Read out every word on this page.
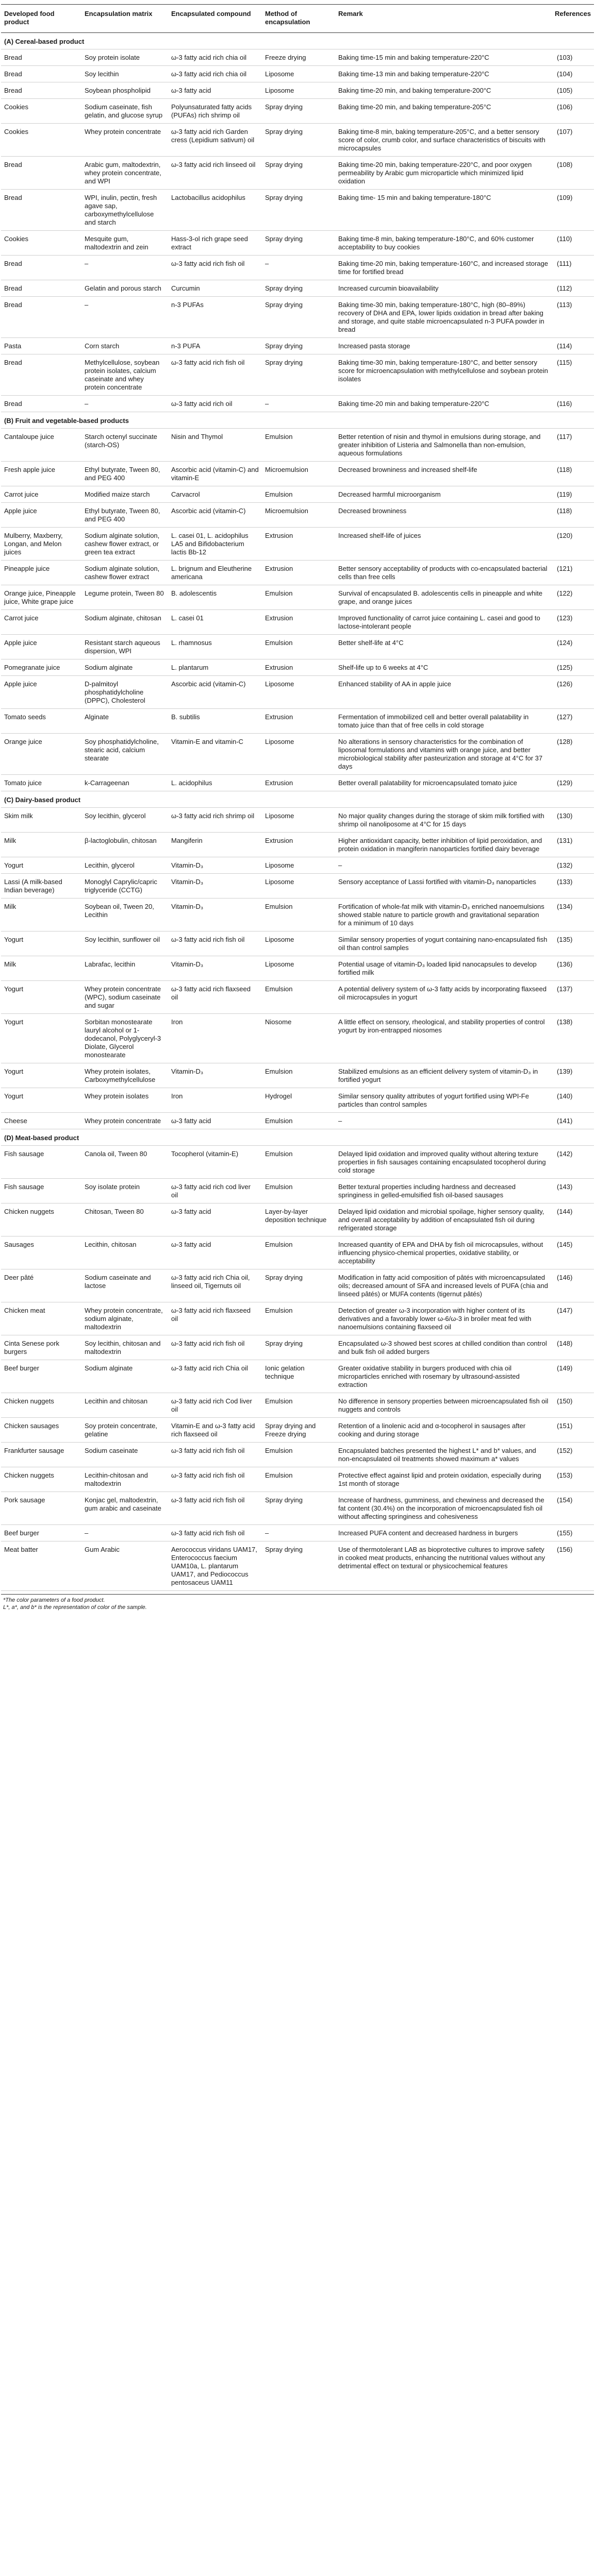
Developed food product	Encapsulation matrix	Encapsulated compound	Method of encapsulation	Remark	References
(A) Cereal-based product					
Bread	Soy protein isolate	ω-3 fatty acid rich chia oil	Freeze drying	Baking time-15 min and baking temperature-220°C	(103)
Bread	Soy lecithin	ω-3 fatty acid rich chia oil	Liposome	Baking time-13 min and baking temperature-220°C	(104)
Bread	Soybean phospholipid	ω-3 fatty acid	Liposome	Baking time-20 min, and baking temperature-200°C	(105)
Cookies	Sodium caseinate, fish gelatin, and glucose syrup	Polyunsaturated fatty acids (PUFAs) rich shrimp oil	Spray drying	Baking time-20 min, and baking temperature-205°C	(106)
Cookies	Whey protein concentrate	ω-3 fatty acid rich Garden cress (Lepidium sativum) oil	Spray drying	Baking time-8 min, baking temperature-205°C, and a better sensory score of color, crumb color, and surface characteristics of biscuits with microcapsules	(107)
Bread	Arabic gum, maltodextrin, whey protein concentrate, and WPI	ω-3 fatty acid rich linseed oil	Spray drying	Baking time-20 min, baking temperature-220°C, and poor oxygen permeability by Arabic gum microparticle which minimized lipid oxidation	(108)
Bread	WPI, inulin, pectin, fresh agave sap, carboxymethylcellulose and starch	Lactobacillus acidophilus	Spray drying	Baking time- 15 min and baking temperature-180°C	(109)
Cookies	Mesquite gum, maltodextrin and zein	Hass-3-ol rich grape seed extract	Spray drying	Baking time-8 min, baking temperature-180°C, and 60% customer acceptability to buy cookies	(110)
Bread	–	ω-3 fatty acid rich fish oil	–	Baking time-20 min, baking temperature-160°C, and increased storage time for fortified bread	(111)
Bread	Gelatin and porous starch	Curcumin	Spray drying	Increased curcumin bioavailability	(112)
Bread	–	n-3 PUFAs	Spray drying	Baking time-30 min, baking temperature-180°C, high (80–89%) recovery of DHA and EPA, lower lipids oxidation in bread after baking and storage, and quite stable microencapsulated n-3 PUFA powder in bread	(113)
Pasta	Corn starch	n-3 PUFA	Spray drying	Increased pasta storage	(114)
Bread	Methylcellulose, soybean protein isolates, calcium caseinate and whey protein concentrate	ω-3 fatty acid rich fish oil	Spray drying	Baking time-30 min, baking temperature-180°C, and better sensory score for microencapsulation with methylcellulose and soybean protein isolates	(115)
Bread	–	ω-3 fatty acid rich oil	–	Baking time-20 min and baking temperature-220°C	(116)
(B) Fruit and vegetable-based products					
Cantaloupe juice	Starch octenyl succinate (starch-OS)	Nisin and Thymol	Emulsion	Better retention of nisin and thymol in emulsions during storage, and greater inhibition of Listeria and Salmonella than non-emulsion, aqueous formulations	(117)
Fresh apple juice	Ethyl butyrate, Tween 80, and PEG 400	Ascorbic acid (vitamin-C) and vitamin-E	Microemulsion	Decreased browniness and increased shelf-life	(118)
Carrot juice	Modified maize starch	Carvacrol	Emulsion	Decreased harmful microorganism	(119)
Apple juice	Ethyl butyrate, Tween 80, and PEG 400	Ascorbic acid (vitamin-C)	Microemulsion	Decreased browniness	(118)
Mulberry, Maxberry, Longan, and Melon juices	Sodium alginate solution, cashew flower extract, or green tea extract	L. casei 01, L. acidophilus LA5 and Bifidobacterium lactis Bb-12	Extrusion	Increased shelf-life of juices	(120)
Pineapple juice	Sodium alginate solution, cashew flower extract	L. brignum and Eleutherine americana	Extrusion	Better sensory acceptability of products with co-encapsulated bacterial cells than free cells	(121)
Orange juice, Pineapple juice, White grape juice	Legume protein, Tween 80	B. adolescentis	Emulsion	Survival of encapsulated B. adolescentis cells in pineapple and white grape, and orange juices	(122)
Carrot juice	Sodium alginate, chitosan	L. casei 01	Extrusion	Improved functionality of carrot juice containing L. casei and good to lactose-intolerant people	(123)
Apple juice	Resistant starch aqueous dispersion, WPI	L. rhamnosus	Emulsion	Better shelf-life at 4°C	(124)
Pomegranate juice	Sodium alginate	L. plantarum	Extrusion	Shelf-life up to 6 weeks at 4°C	(125)
Apple juice	D-palmitoyl phosphatidylcholine (DPPC), Cholesterol	Ascorbic acid (vitamin-C)	Liposome	Enhanced stability of AA in apple juice	(126)
Tomato seeds	Alginate	B. subtilis	Extrusion	Fermentation of immobilized cell and better overall palatability in tomato juice than that of free cells in cold storage	(127)
Orange juice	Soy phosphatidylcholine, stearic acid, calcium stearate	Vitamin-E and vitamin-C	Liposome	No alterations in sensory characteristics for the combination of liposomal formulations and vitamins with orange juice, and better microbiological stability after pasteurization and storage at 4°C for 37 days	(128)
Tomato juice	k-Carrageenan	L. acidophilus	Extrusion	Better overall palatability for microencapsulated tomato juice	(129)
(C) Dairy-based product					
Skim milk	Soy lecithin, glycerol	ω-3 fatty acid rich shrimp oil	Liposome	No major quality changes during the storage of skim milk fortified with shrimp oil nanoliposome at 4°C for 15 days	(130)
Milk	β-lactoglobulin, chitosan	Mangiferin	Extrusion	Higher antioxidant capacity, better inhibition of lipid peroxidation, and protein oxidation in mangiferin nanoparticles fortified dairy beverage	(131)
Yogurt	Lecithin, glycerol	Vitamin-D₃	Liposome	–	(132)
Lassi (A milk-based Indian beverage)	Monoglyl Caprylic/capric triglyceride (CCTG)	Vitamin-D₃	Liposome	Sensory acceptance of Lassi fortified with vitamin-D₃ nanoparticles	(133)
Milk	Soybean oil, Tween 20, Lecithin	Vitamin-D₃	Emulsion	Fortification of whole-fat milk with vitamin-D₃ enriched nanoemulsions showed stable nature to particle growth and gravitational separation for a minimum of 10 days	(134)
Yogurt	Soy lecithin, sunflower oil	ω-3 fatty acid rich fish oil	Liposome	Similar sensory properties of yogurt containing nano-encapsulated fish oil than control samples	(135)
Milk	Labrafac, lecithin	Vitamin-D₃	Liposome	Potential usage of vitamin-D₃ loaded lipid nanocapsules to develop fortified milk	(136)
Yogurt	Whey protein concentrate (WPC), sodium caseinate and sugar	ω-3 fatty acid rich flaxseed oil	Emulsion	A potential delivery system of ω-3 fatty acids by incorporating flaxseed oil microcapsules in yogurt	(137)
Yogurt	Sorbitan monostearate lauryl alcohol or 1-dodecanol, Polyglyceryl-3 Diolate, Glycerol monostearate	Iron	Niosome	A little effect on sensory, rheological, and stability properties of control yogurt by iron-entrapped niosomes	(138)
Yogurt	Whey protein isolates, Carboxymethylcellulose	Vitamin-D₃	Emulsion	Stabilized emulsions as an efficient delivery system of vitamin-D₃ in fortified yogurt	(139)
Yogurt	Whey protein isolates	Iron	Hydrogel	Similar sensory quality attributes of yogurt fortified using WPI-Fe particles than control samples	(140)
Cheese	Whey protein concentrate	ω-3 fatty acid	Emulsion	–	(141)
(D) Meat-based product					
Fish sausage	Canola oil, Tween 80	Tocopherol (vitamin-E)	Emulsion	Delayed lipid oxidation and improved quality without altering texture properties in fish sausages containing encapsulated tocopherol during cold storage	(142)
Fish sausage	Soy isolate protein	ω-3 fatty acid rich cod liver oil	Emulsion	Better textural properties including hardness and decreased springiness in gelled-emulsified fish oil-based sausages	(143)
Chicken nuggets	Chitosan, Tween 80	ω-3 fatty acid	Layer-by-layer deposition technique	Delayed lipid oxidation and microbial spoilage, higher sensory quality, and overall acceptability by addition of encapsulated fish oil during refrigerated storage	(144)
Sausages	Lecithin, chitosan	ω-3 fatty acid	Emulsion	Increased quantity of EPA and DHA by fish oil microcapsules, without influencing physico-chemical properties, oxidative stability, or acceptability	(145)
Deer pâté	Sodium caseinate and lactose	ω-3 fatty acid rich Chia oil, linseed oil, Tigernuts oil	Spray drying	Modification in fatty acid composition of pâtés with microencapsulated oils; decreased amount of SFA and increased levels of PUFA (chia and linseed pâtés) or MUFA contents (tigernut pâtés)	(146)
Chicken meat	Whey protein concentrate, sodium alginate, maltodextrin	ω-3 fatty acid rich flaxseed oil	Emulsion	Detection of greater ω-3 incorporation with higher content of its derivatives and a favorably lower ω-6/ω-3 in broiler meat fed with nanoemulsions containing flaxseed oil	(147)
Cinta Senese pork burgers	Soy lecithin, chitosan and maltodextrin	ω-3 fatty acid rich fish oil	Spray drying	Encapsulated ω-3 showed best scores at chilled condition than control and bulk fish oil added burgers	(148)
Beef burger	Sodium alginate	ω-3 fatty acid rich Chia oil	Ionic gelation technique	Greater oxidative stability in burgers produced with chia oil microparticles enriched with rosemary by ultrasound-assisted extraction	(149)
Chicken nuggets	Lecithin and chitosan	ω-3 fatty acid rich Cod liver oil	Emulsion	No difference in sensory properties between microencapsulated fish oil nuggets and controls	(150)
Chicken sausages	Soy protein concentrate, gelatine	Vitamin-E and ω-3 fatty acid rich flaxseed oil	Spray drying and Freeze drying	Retention of a linolenic acid and α-tocopherol in sausages after cooking and during storage	(151)
Frankfurter sausage	Sodium caseinate	ω-3 fatty acid rich fish oil	Emulsion	Encapsulated batches presented the highest L* and b* values, and non-encapsulated oil treatments showed maximum a* values	(152)
Chicken nuggets	Lecithin-chitosan and maltodextrin	ω-3 fatty acid rich fish oil	Emulsion	Protective effect against lipid and protein oxidation, especially during 1st month of storage	(153)
Pork sausage	Konjac gel, maltodextrin, gum arabic and caseinate	ω-3 fatty acid rich fish oil	Spray drying	Increase of hardness, gumminess, and chewiness and decreased the fat content (30.4%) on the incorporation of microencapsulated fish oil without affecting springiness and cohesiveness	(154)
Beef burger	–	ω-3 fatty acid rich fish oil	–	Increased PUFA content and decreased hardness in burgers	(155)
Meat batter	Gum Arabic	Aerococcus viridans UAM17, Enterococcus faecium UAM10a, L. plantarum UAM17, and Pediococcus pentosaceus UAM11	Spray drying	Use of thermotolerant LAB as bioprotective cultures to improve safety in cooked meat products, enhancing the nutritional values without any detrimental effect on textural or physicochemical features	(156)
*The color parameters of a food product.
L*, a*, and b* is the representation of color of the sample.
